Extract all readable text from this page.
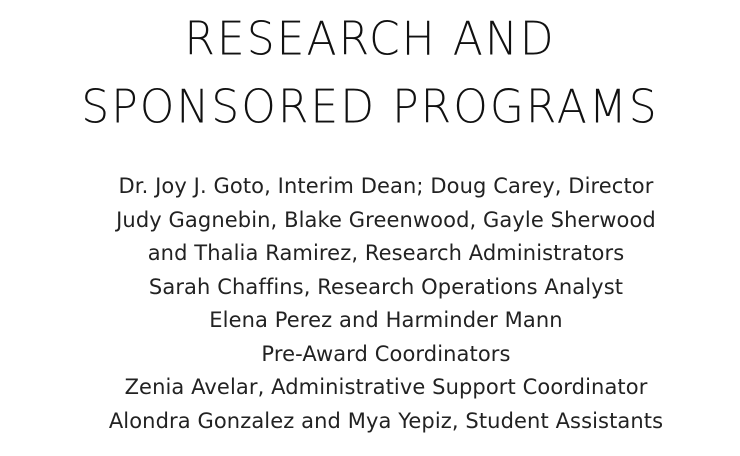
RESEARCH AND
SPONSORED PROGRAMS
Dr. Joy J. Goto, Interim Dean; Doug Carey, Director
Judy Gagnebin, Blake Greenwood, Gayle Sherwood
and Thalia Ramirez, Research Administrators
Sarah Chaffins, Research Operations Analyst
Elena Perez and Harminder Mann
Pre-Award Coordinators
Zenia Avelar, Administrative Support Coordinator
Alondra Gonzalez and Mya Yepiz, Student Assistants
